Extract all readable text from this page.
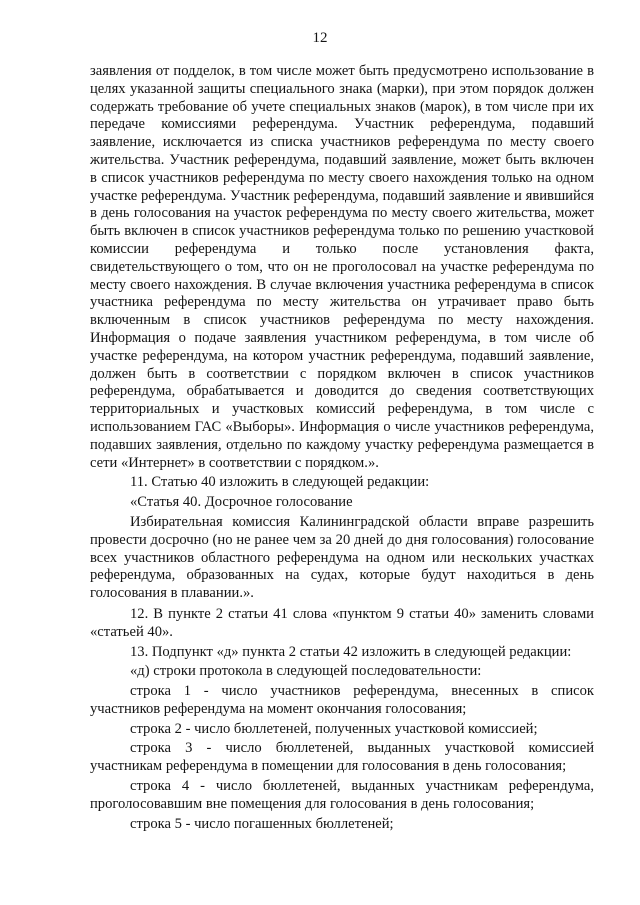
12

заявления от подделок, в том числе может быть предусмотрено использование в целях указанной защиты специального знака (марки), при этом порядок должен содержать требование об учете специальных знаков (марок), в том числе при их передаче комиссиями референдума. Участник референдума, подавший заявление, исключается из списка участников референдума по месту своего жительства. Участник референдума, подавший заявление, может быть включен в список участников референдума по месту своего нахождения только на одном участке референдума. Участник референдума, подавший заявление и явившийся в день голосования на участок референдума по месту своего жительства, может быть включен в список участников референдума только по решению участковой комиссии референдума и только после установления факта, свидетельствующего о том, что он не проголосовал на участке референдума по месту своего нахождения. В случае включения участника референдума в список участника референдума по месту жительства он утрачивает право быть включенным в список участников референдума по месту нахождения. Информация о подаче заявления участником референдума, в том числе об участке референдума, на котором участник референдума, подавший заявление, должен быть в соответствии с порядком включен в список участников референдума, обрабатывается и доводится до сведения соответствующих территориальных и участковых комиссий референдума, в том числе с использованием ГАС «Выборы». Информация о числе участников референдума, подавших заявления, отдельно по каждому участку референдума размещается в сети «Интернет» в соответствии с порядком.».

11. Статью 40 изложить в следующей редакции:

«Статья 40. Досрочное голосование

Избирательная комиссия Калининградской области вправе разрешить провести досрочно (но не ранее чем за 20 дней до дня голосования) голосование всех участников областного референдума на одном или нескольких участках референдума, образованных на судах, которые будут находиться в день голосования в плавании.».

12. В пункте 2 статьи 41 слова «пунктом 9 статьи 40» заменить словами «статьей 40».

13. Подпункт «д» пункта 2 статьи 42 изложить в следующей редакции:

«д) строки протокола в следующей последовательности:

строка 1 - число участников референдума, внесенных в список участников референдума на момент окончания голосования;

строка 2 - число бюллетеней, полученных участковой комиссией;

строка 3 - число бюллетеней, выданных участковой комиссией участникам референдума в помещении для голосования в день голосования;

строка 4 - число бюллетеней, выданных участникам референдума, проголосовавшим вне помещения для голосования в день голосования;

строка 5 - число погашенных бюллетеней;
